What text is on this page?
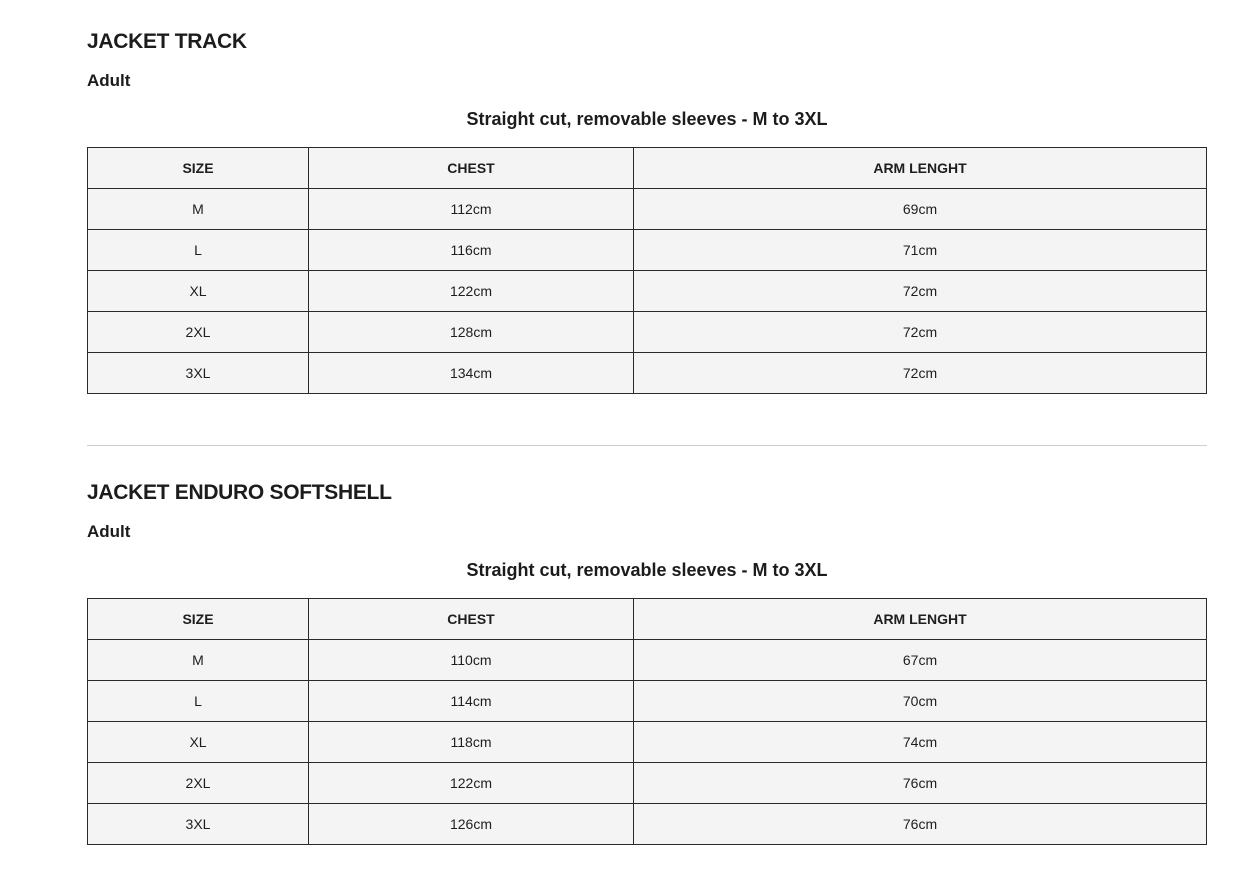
JACKET TRACK
Adult

Straight cut, removable sleeves - M to 3XL

SIZE	CHEST	ARM LENGHT
M	112cm	69cm
L	116cm	71cm
XL	122cm	72cm
2XL	128cm	72cm
3XL	134cm	72cm
JACKET ENDURO SOFTSHELL
Adult

Straight cut, removable sleeves - M to 3XL

SIZE	CHEST	ARM LENGHT
M	110cm	67cm
L	114cm	70cm
XL	118cm	74cm
2XL	122cm	76cm
3XL	126cm	76cm
